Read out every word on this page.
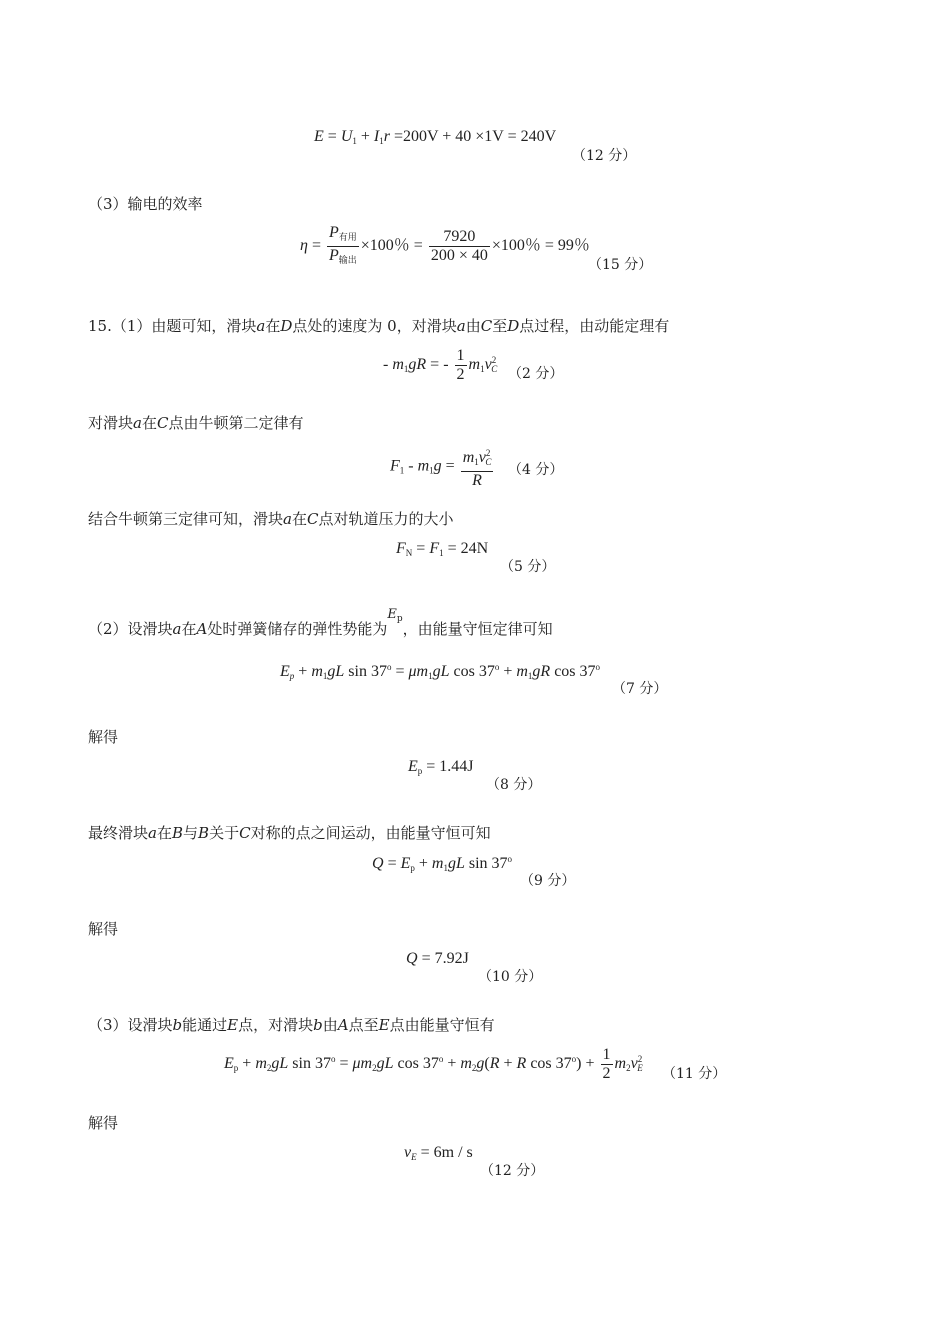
$E = U_1 + I_1r =200V + 40 \times 1V = 240V$
（12 分）
（3）输电的效率
$\eta = \frac{P_{有用}}{P_{输出}} \times 100$％ = $\frac{7920}{200 \times 40} \times 100$％ = 99％
（15 分）
15.（1）由题可知，滑块a在D点处的速度为 0，对滑块a由C至D点过程，由动能定理有
- $m_1gR$ = - $\frac{1}{2} m_1v^2_C$ （2 分）
对滑块a在C点由牛顿第二定律有
$F_1 - m_1g = \frac{m_1v^2_C}{R} (4$ 分）
结合牛顿第三定律可知，滑块a在C点对轨道压力的大小
$F_N = F_1 = 24N$
（5 分）
（2）设滑块a在A处时弹簧储存的弹性势能为$E_p$，由能量守恒定律可知
$E_p + m_1gL$ $\sin 37^o = \mu m_1gL$ $\cos 37^o + m_1gR$ cos 37$^o$
（7 分）
解得
$E_p = 1.44J$
（8 分）
最终滑块a在B与B关于C对称的点之间运动，由能量守恒可知
$Q = E_p + m_1gL$ sin 37$^o$
（9 分）
解得
Q = 7.92J
（10 分）
（3）设滑块b能通过E点，对滑块b由A点至E点由能量守恒有
$E_p + m_2gL$ $\sin 37^o = \mu m_2gL$ $\cos 37^o + m_2g(R + R$ $\cos 37^o) + \frac{1}{2} m_2v^2_E$ （11 分）
解得
$v_E = 6m / s$
（12 分）
